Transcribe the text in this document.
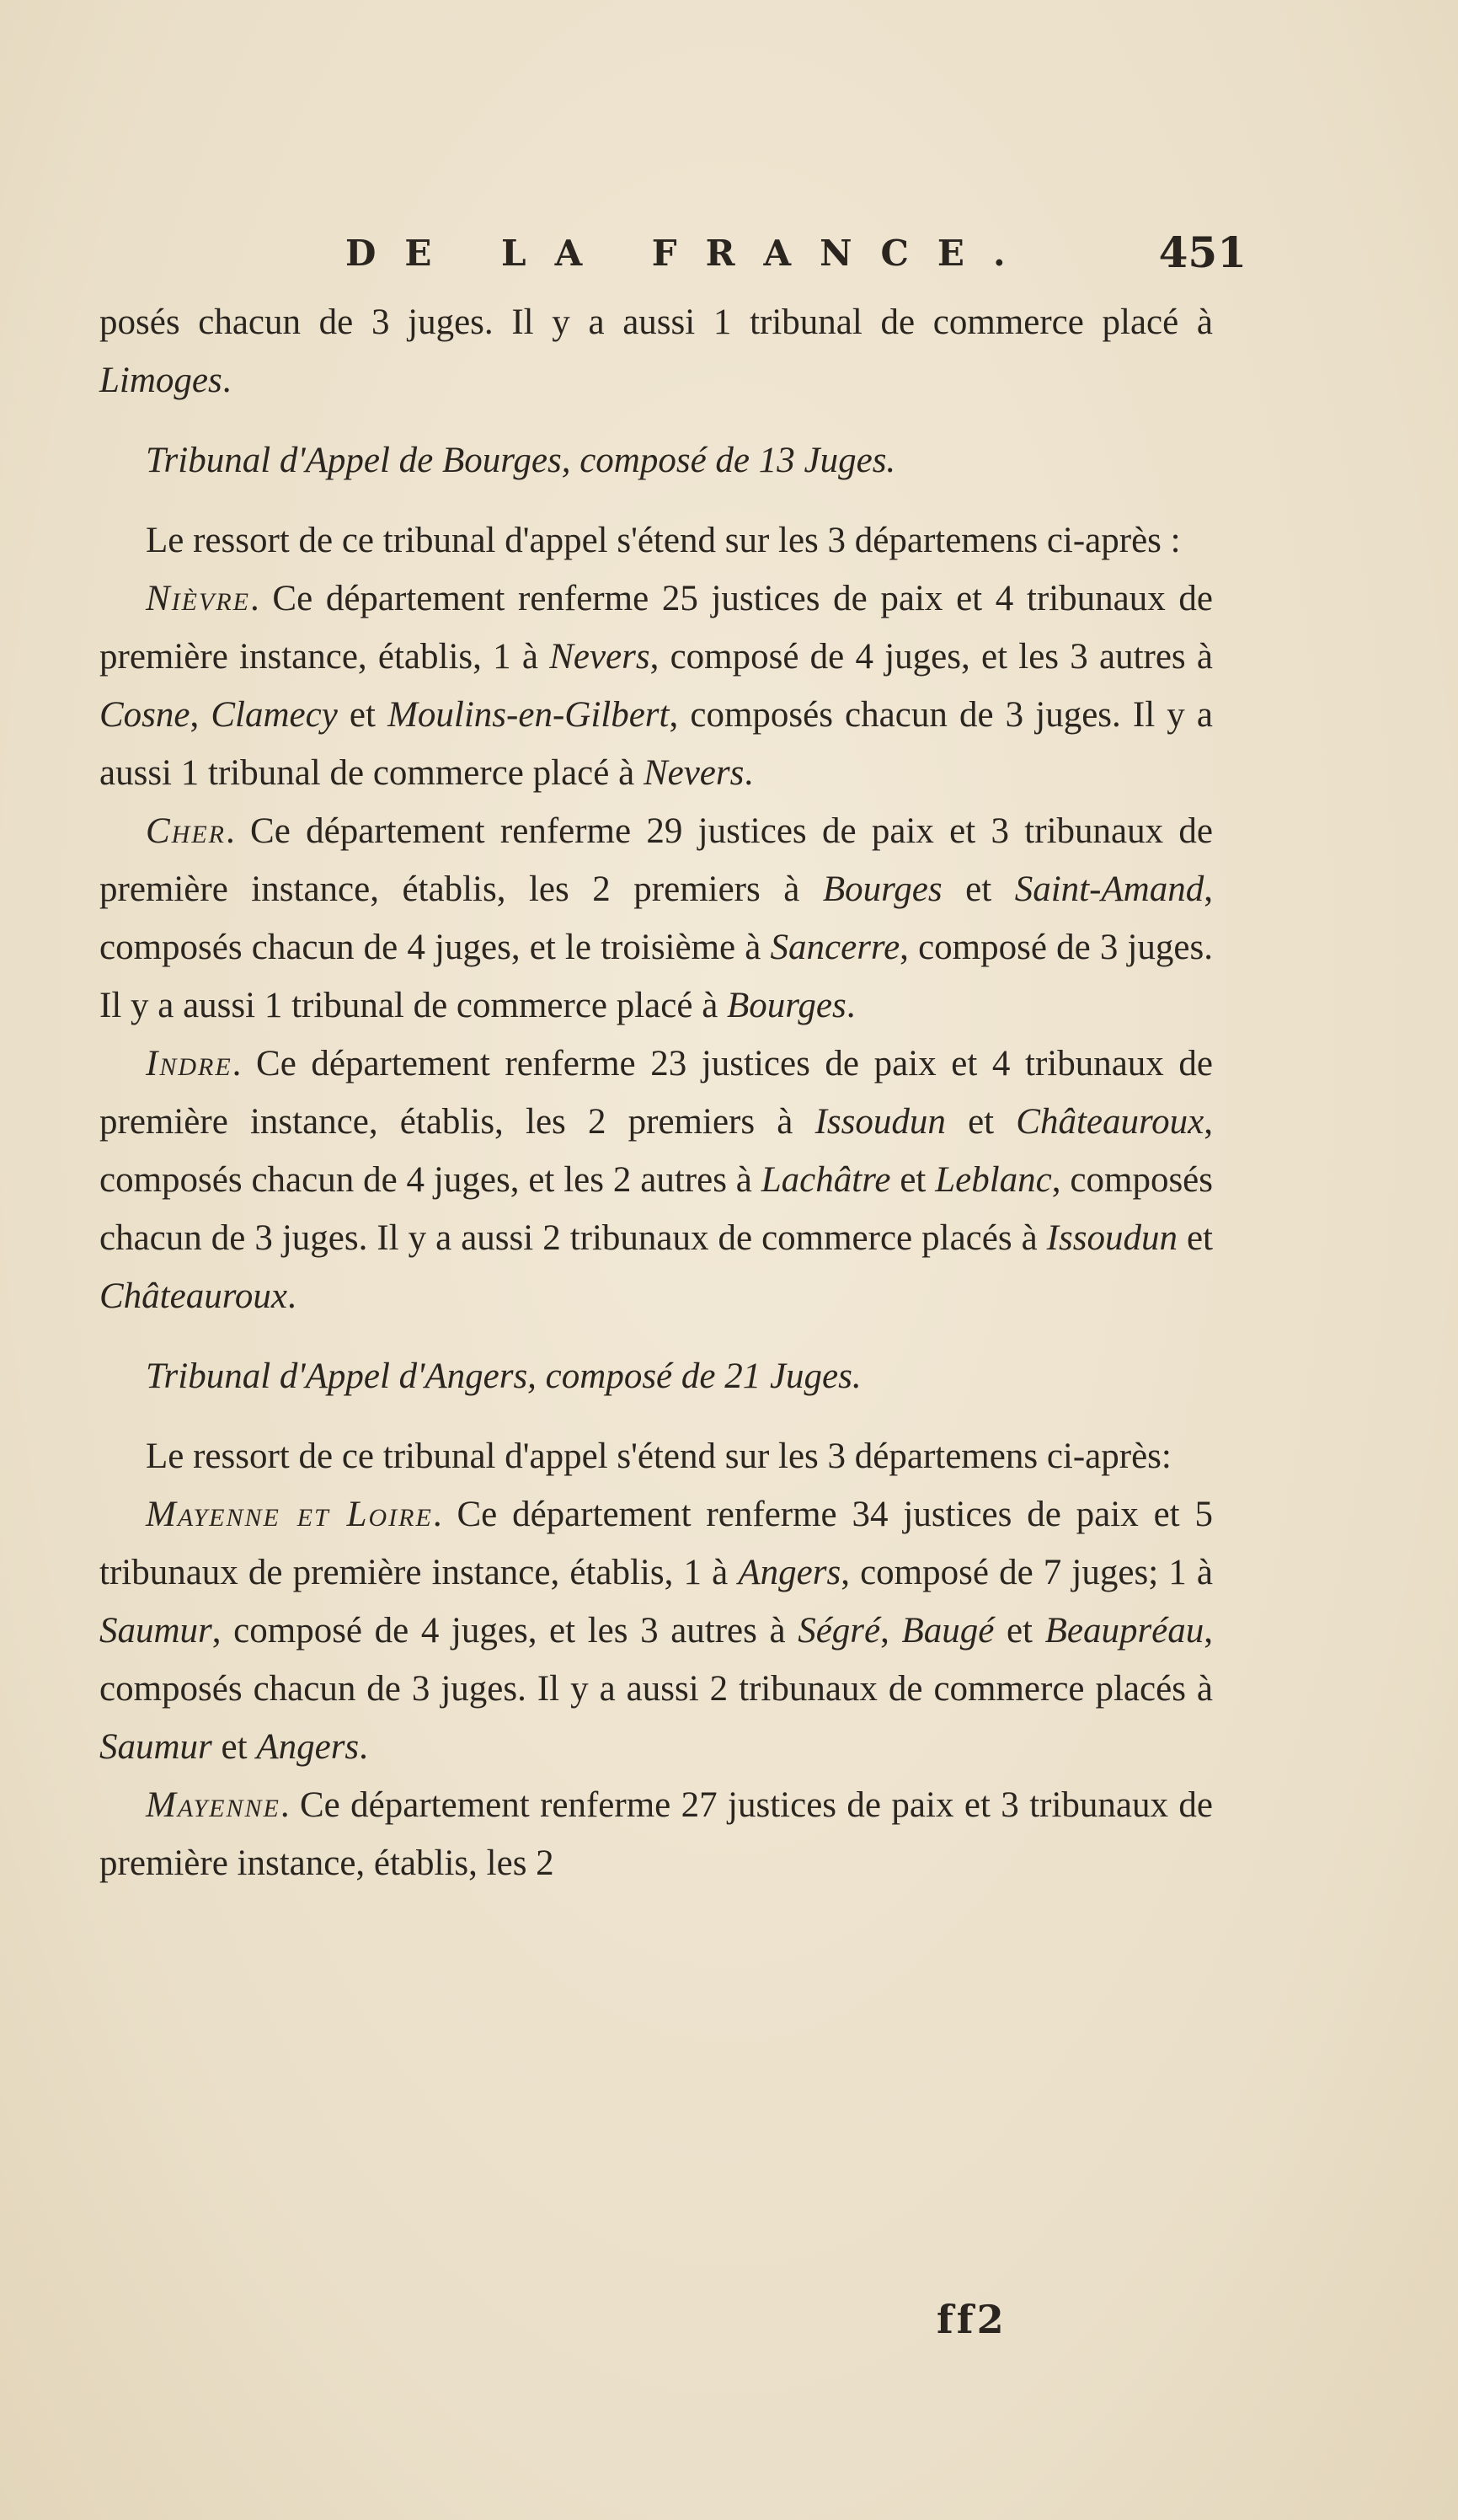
DE LA FRANCE.	451

posés chacun de 3 juges. Il y a aussi 1 tribunal de commerce placé à Limoges.

Tribunal d'Appel de Bourges, composé de 13 Juges.

Le ressort de ce tribunal d'appel s'étend sur les 3 départemens ci-après :

Nièvre. Ce département renferme 25 justices de paix et 4 tribunaux de première instance, établis, 1 à Nevers, composé de 4 juges, et les 3 autres à Cosne, Clamecy et Moulins-en-Gilbert, composés chacun de 3 juges. Il y a aussi 1 tribunal de commerce placé à Nevers.

Cher. Ce département renferme 29 justices de paix et 3 tribunaux de première instance, établis, les 2 premiers à Bourges et Saint-Amand, composés chacun de 4 juges, et le troisième à Sancerre, composé de 3 juges. Il y a aussi 1 tribunal de commerce placé à Bourges.

Indre. Ce département renferme 23 justices de paix et 4 tribunaux de première instance, établis, les 2 premiers à Issoudun et Châteauroux, composés chacun de 4 juges, et les 2 autres à Lachâtre et Leblanc, composés chacun de 3 juges. Il y a aussi 2 tribunaux de commerce placés à Issoudun et Châteauroux.

Tribunal d'Appel d'Angers, composé de 21 Juges.

Le ressort de ce tribunal d'appel s'étend sur les 3 départemens ci-après:

Mayenne et Loire. Ce département renferme 34 justices de paix et 5 tribunaux de première instance, établis, 1 à Angers, composé de 7 juges; 1 à Saumur, composé de 4 juges, et les 3 autres à Ségré, Baugé et Beaupréau, composés chacun de 3 juges. Il y a aussi 2 tribunaux de commerce placés à Saumur et Angers.

Mayenne. Ce département renferme 27 justices de paix et 3 tribunaux de première instance, établis, les 2

ff2
